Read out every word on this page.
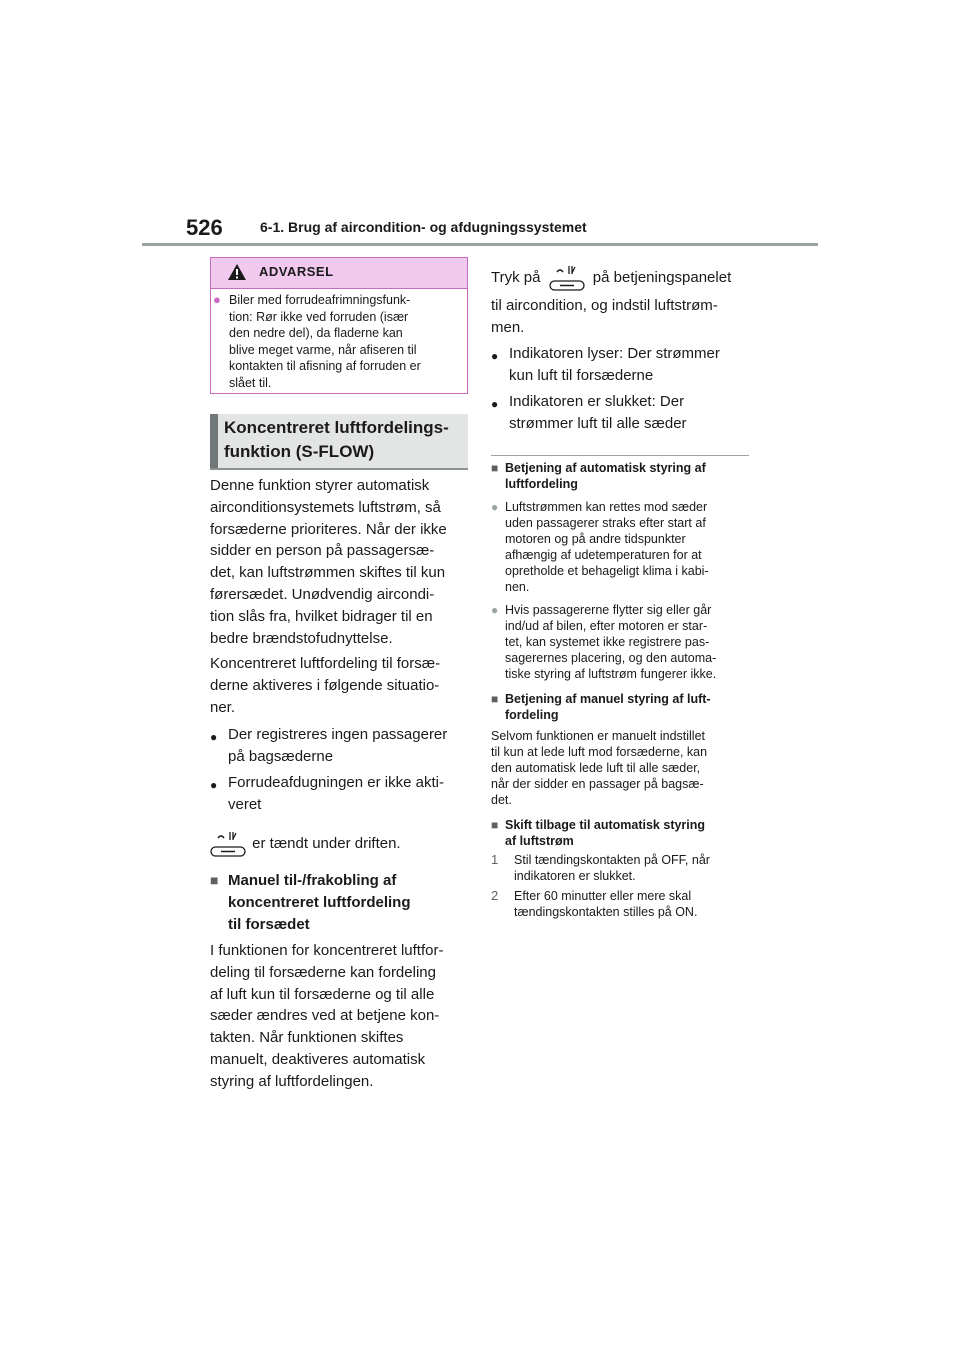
526	6-1. Brug af aircondition- og afdugningssystemet
ADVARSEL
● Biler med forrudeafrimningsfunk-
tion: Rør ikke ved forruden (især
den nedre del), da fladerne kan
blive meget varme, når afiseren til
kontakten til afisning af forruden er
slået til.
Koncentreret luftfordelings-
funktion (S-FLOW)
Denne funktion styrer automatisk
airconditionsystemets luftstrøm, så
forsæderne prioriteres. Når der ikke
sidder en person på passagersæ-
det, kan luftstrømmen skiftes til kun
førersædet. Unødvendig aircondi-
tion slås fra, hvilket bidrager til en
bedre brændstofudnyttelse.
Koncentreret luftfordeling til forsæ-
derne aktiveres i følgende situatio-
ner.
● Der registreres ingen passagerer
på bagsæderne
● Forrudeafdugningen er ikke akti-
veret
er tændt under driften.
■ Manuel til-/frakobling af
koncentreret luftfordeling
til forsædet
I funktionen for koncentreret luftfor-
deling til forsæderne kan fordeling
af luft kun til forsæderne og til alle
sæder ændres ved at betjene kon-
takten. Når funktionen skiftes
manuelt, deaktiveres automatisk
styring af luftfordelingen.
Tryk på	på betjeningspanelet
til aircondition, og indstil luftstrøm-
men.
● Indikatoren lyser: Der strømmer
kun luft til forsæderne
● Indikatoren er slukket: Der
strømmer luft til alle sæder
■ Betjening af automatisk styring af
luftfordeling
● Luftstrømmen kan rettes mod sæder
uden passagerer straks efter start af
motoren og på andre tidspunkter
afhængig af udetemperaturen for at
opretholde et behageligt klima i kabi-
nen.
● Hvis passagererne flytter sig eller går
ind/ud af bilen, efter motoren er star-
tet, kan systemet ikke registrere pas-
sagerernes placering, og den automa-
tiske styring af luftstrøm fungerer ikke.
■ Betjening af manuel styring af luft-
fordeling
Selvom funktionen er manuelt indstillet
til kun at lede luft mod forsæderne, kan
den automatisk lede luft til alle sæder,
når der sidder en passager på bagsæ-
det.
■ Skift tilbage til automatisk styring
af luftstrøm
1 Stil tændingskontakten på OFF, når
indikatoren er slukket.
2 Efter 60 minutter eller mere skal
tændingskontakten stilles på ON.
